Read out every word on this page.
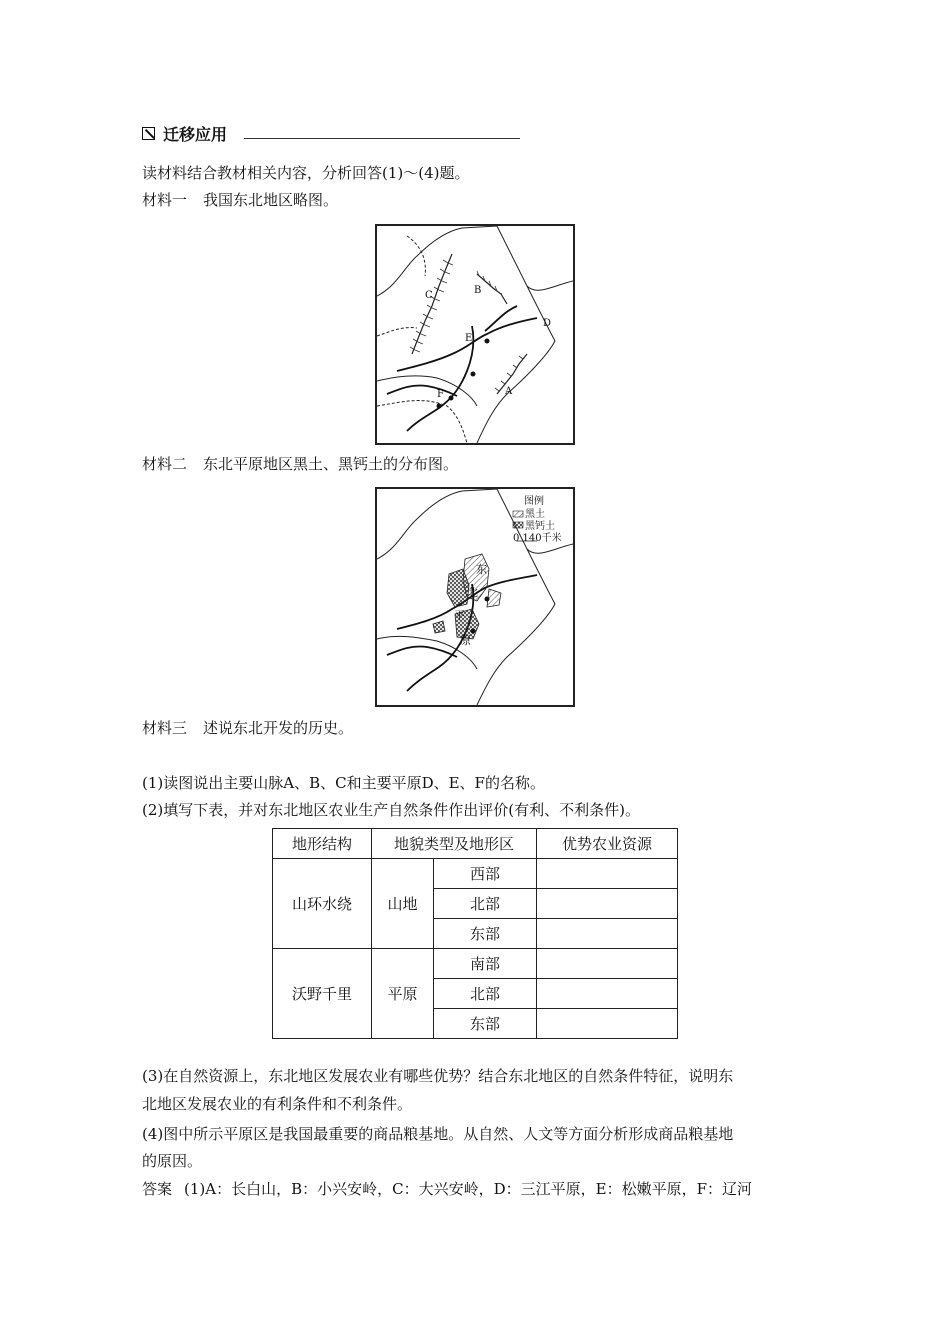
迁移应用
读材料结合教材相关内容，分析回答(1)～(4)题。
材料一 我国东北地区略图。
A
B
C
D
E
F
材料二 东北平原地区黑土、黑钙土的分布图。
图例
黑土
黑钙土
0 140千米
东
北
平
原
材料三 述说东北开发的历史。
(1)读图说出主要山脉A、B、C和主要平原D、E、F的名称。
(2)填写下表，并对东北地区农业生产自然条件作出评价(有利、不利条件)。
地形结构	地貌类型及地形区		优势农业资源
山环水绕	山地	西部	
		北部	
		东部	
沃野千里	平原	南部	
		北部	
		东部	
(3)在自然资源上，东北地区发展农业有哪些优势？结合东北地区的自然条件特征，说明东
北地区发展农业的有利条件和不利条件。
(4)图中所示平原区是我国最重要的商品粮基地。从自然、人文等方面分析形成商品粮基地
的原因。
答案 (1)A：长白山，B：小兴安岭，C：大兴安岭，D：三江平原，E：松嫩平原，F：辽河
